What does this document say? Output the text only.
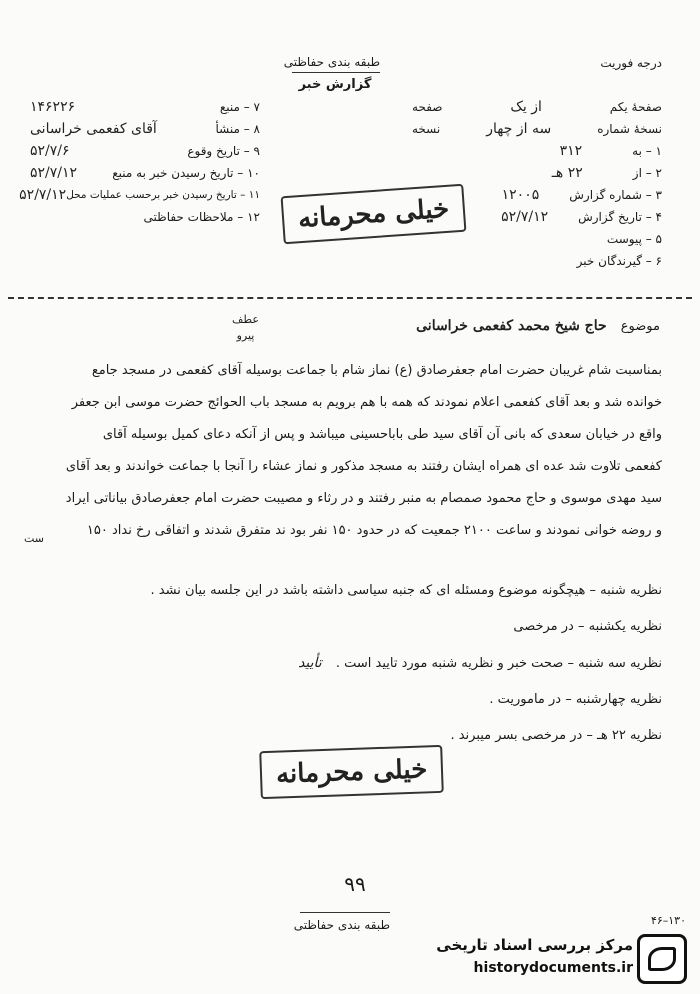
طبقه بندی حفاظتی
گزارش خبر
درجه فوریت
۷ – منبع
۱۴۶۲۲۶
۸ – منشأ
آقای کفعمی خراسانی
۹ – تاریخ وقوع
۵۲/۷/۶
۱۰ – تاریخ رسیدن خبر به منبع
۵۲/۷/۱۲
۱۱ – تاریخ رسیدن خبر برحسب عملیات محل
۵۲/۷/۱۲
۱۲ – ملاحظات حفاظتی
صفحهٔ یکم
از یک
صفحه
نسخهٔ شماره
سه از چهار
نسخه
۱ – به
۳۱۲
۲ – از
۲۲ هـ
۳ – شماره گزارش
۱۲۰۰۵
۴ – تاریخ گزارش
۵۲/۷/۱۲
۵ – پیوست
۶ – گیرندگان خبر
خیلی محرمانه
موضوع حاج شیخ محمد کفعمی خراسانی
عطف
پیرو
بمناسبت شام غریبان حضرت امام جعفرصادق (ع) نماز شام با جماعت بوسیله آقای کفعمی در مسجد جامع
خوانده شد و بعد آقای کفعمی اعلام نمودند که همه با هم برویم به مسجد باب الحوائج حضرت موسی ابن جعفر
واقع در خیابان سعدی که بانی آن آقای سید طی باباحسینی میباشد و پس از آنکه دعای کمیل بوسیله آقای
کفعمی تلاوت شد عده ای همراه ایشان رفتند به مسجد مذکور و نماز عشاء را آنجا با جماعت خواندند و بعد آقای
سید مهدی موسوی و حاج محمود صمصام به منبر رفتند و در رثاء و مصیبت حضرت امام جعفرصادق بیاناتی ایراد
و روضه خوانی نمودند و ساعت ۲۱۰۰ جمعیت که در حدود ۱۵۰ نفر بود ند متفرق شدند و اتفاقی رخ نداد ۱۵۰
ست
نظریه شنبه – هیچگونه موضوع ومسئله ای که جنبه سیاسی داشته باشد در این جلسه بیان نشد .
نظریه یکشنبه – در مرخصی
نظریه سه شنبه – صحت خبر و نظریه شنبه مورد تایید است . تأیید
نظریه چهارشنبه – در ماموریت .
نظریه ۲۲ هـ – در مرخصی بسر میبرند .
خیلی محرمانه
۹۹
طبقه بندی حفاظتی	۱۳۰–۴۶
مرکز بررسی اسناد تاریخی
historydocuments.ir
